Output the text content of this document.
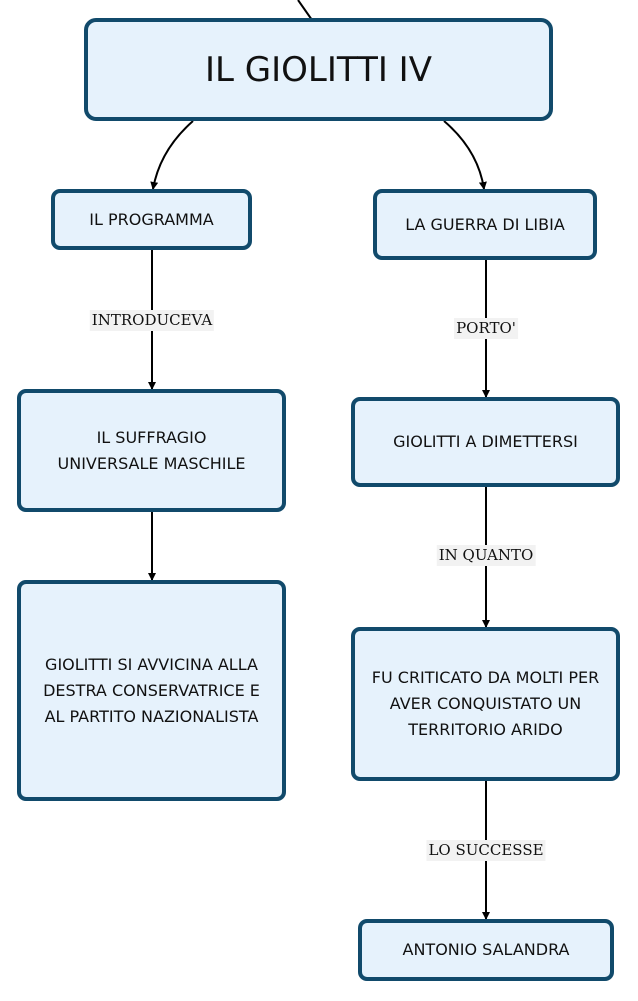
IL GIOLITTI IV
IL PROGRAMMA	LA GUERRA DI LIBIA
IL SUFFRAGIO UNIVERSALE MASCHILE
GIOLITTI SI AVVICINA ALLA DESTRA CONSERVATRICE E AL PARTITO NAZIONALISTA
GIOLITTI A DIMETTERSI
FU CRITICATO DA MOLTI PER AVER CONQUISTATO UN TERRITORIO ARIDO
ANTONIO SALANDRA
INTRODUCEVA	PORTO'
IN QUANTO
LO SUCCESSE
